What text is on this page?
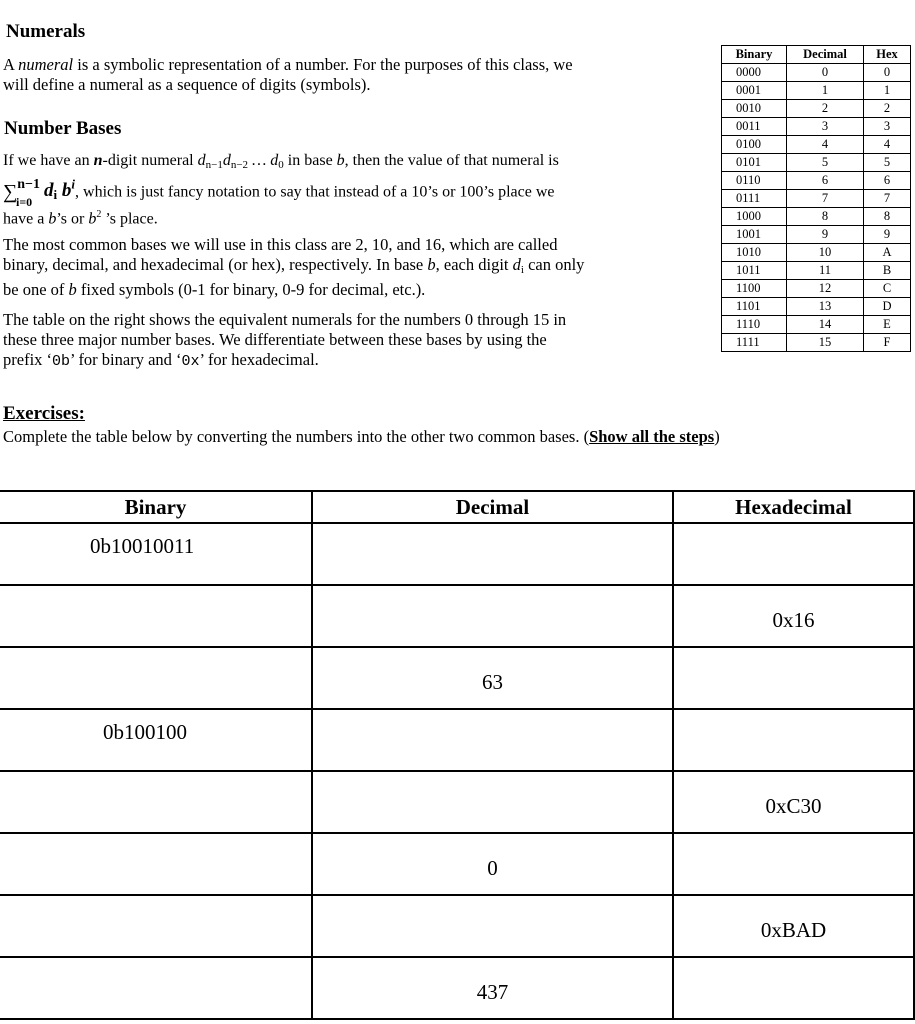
Numerals

A numeral is a symbolic representation of a number. For the purposes of this class, we
will define a numeral as a sequence of digits (symbols).

Number Bases
If we have an n-digit numeral $d_{n-1}d_{n-2}$ … $d_0$ in base b, then the value of that numeral is
∑$^{n-1}$ $d_i$ $b^i$, which is just fancy notation to say that instead of a 10’s or 100’s place we
i=0
have a b’s or $b^2$ ’s place.

The most common bases we will use in this class are 2, 10, and 16, which are called
binary, decimal, and hexadecimal (or hex), respectively. In base b, each digit $d_i$ can only
be one of b fixed symbols (0-1 for binary, 0-9 for decimal, etc.).

The table on the right shows the equivalent numerals for the numbers 0 through 15 in
these three major number bases. We differentiate between these bases by using the
prefix ‘0b’ for binary and ‘0x’ for hexadecimal.

Binary	Decimal	Hex
0000	0	0
0001	1	1
0010	2	2
0011	3	3
0100	4	4
0101	5	5
0110	6	6
0111	7	7
1000	8	8
1001	9	9
1010	10	A
1011	11	B
1100	12	C
1101	13	D
1110	14	E
1111	15	F
Exercises:
Complete the table below by converting the numbers into the other two common bases. (Show all the steps)
Binary	Decimal	Hexadecimal
0b10010011		
		0x16
	63	
0b100100		
		0xC30
	0	
		0xBAD
	437	
